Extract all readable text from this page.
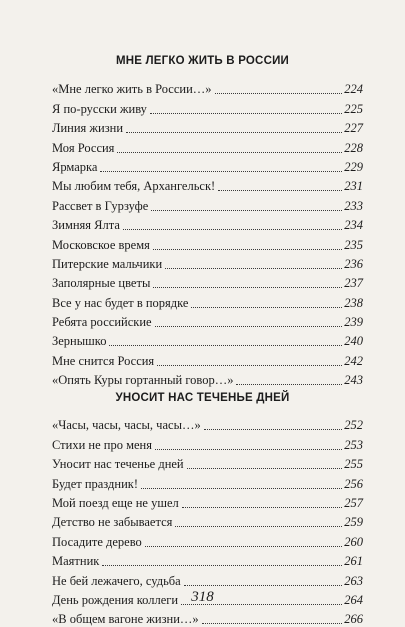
МНЕ ЛЕГКО ЖИТЬ В РОССИИ
«Мне легко жить в России…»	224
Я по-русски живу	225
Линия жизни	227
Моя Россия	228
Ярмарка	229
Мы любим тебя, Архангельск!	231
Рассвет в Гурзуфе	233
Зимняя Ялта	234
Московское время	235
Питерские мальчики	236
Заполярные цветы	237
Все у нас будет в порядке	238
Ребята российские	239
Зернышко	240
Мне снится Россия	242
«Опять Куры гортанный говор…»	243
УНОСИТ НАС ТЕЧЕНЬЕ ДНЕЙ
«Часы, часы, часы, часы…»	252
Стихи не про меня	253
Уносит нас теченье дней	255
Будет праздник!	256
Мой поезд еще не ушел	257
Детство не забывается	259
Посадите дерево	260
Маятник	261
Не бей лежачего, судьба	263
День рождения коллеги	264
«В общем вагоне жизни…»	266
318
